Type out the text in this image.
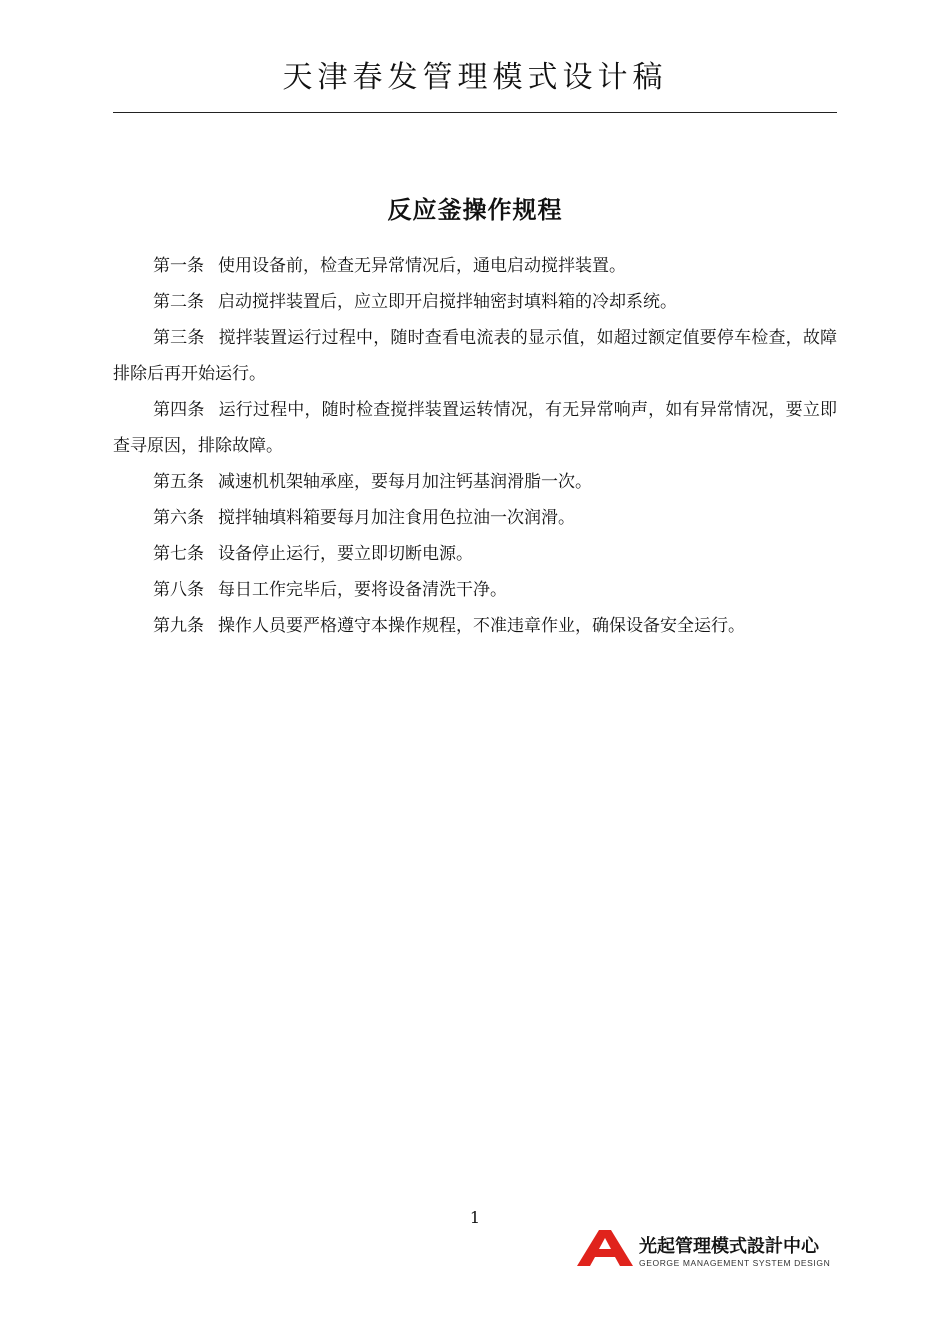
天津春发管理模式设计稿
反应釜操作规程

第一条 使用设备前，检查无异常情况后，通电启动搅拌装置。

第二条 启动搅拌装置后，应立即开启搅拌轴密封填料箱的冷却系统。

第三条 搅拌装置运行过程中，随时查看电流表的显示值，如超过额定值要停车检查，故障排除后再开始运行。

第四条 运行过程中，随时检查搅拌装置运转情况，有无异常响声，如有异常情况，要立即查寻原因，排除故障。

第五条 减速机机架轴承座，要每月加注钙基润滑脂一次。

第六条 搅拌轴填料箱要每月加注食用色拉油一次润滑。

第七条 设备停止运行，要立即切断电源。

第八条 每日工作完毕后，要将设备清洗干净。

第九条 操作人员要严格遵守本操作规程，不准违章作业，确保设备安全运行。

1
光起管理模式設計中心
GEORGE MANAGEMENT SYSTEM DESIGN
